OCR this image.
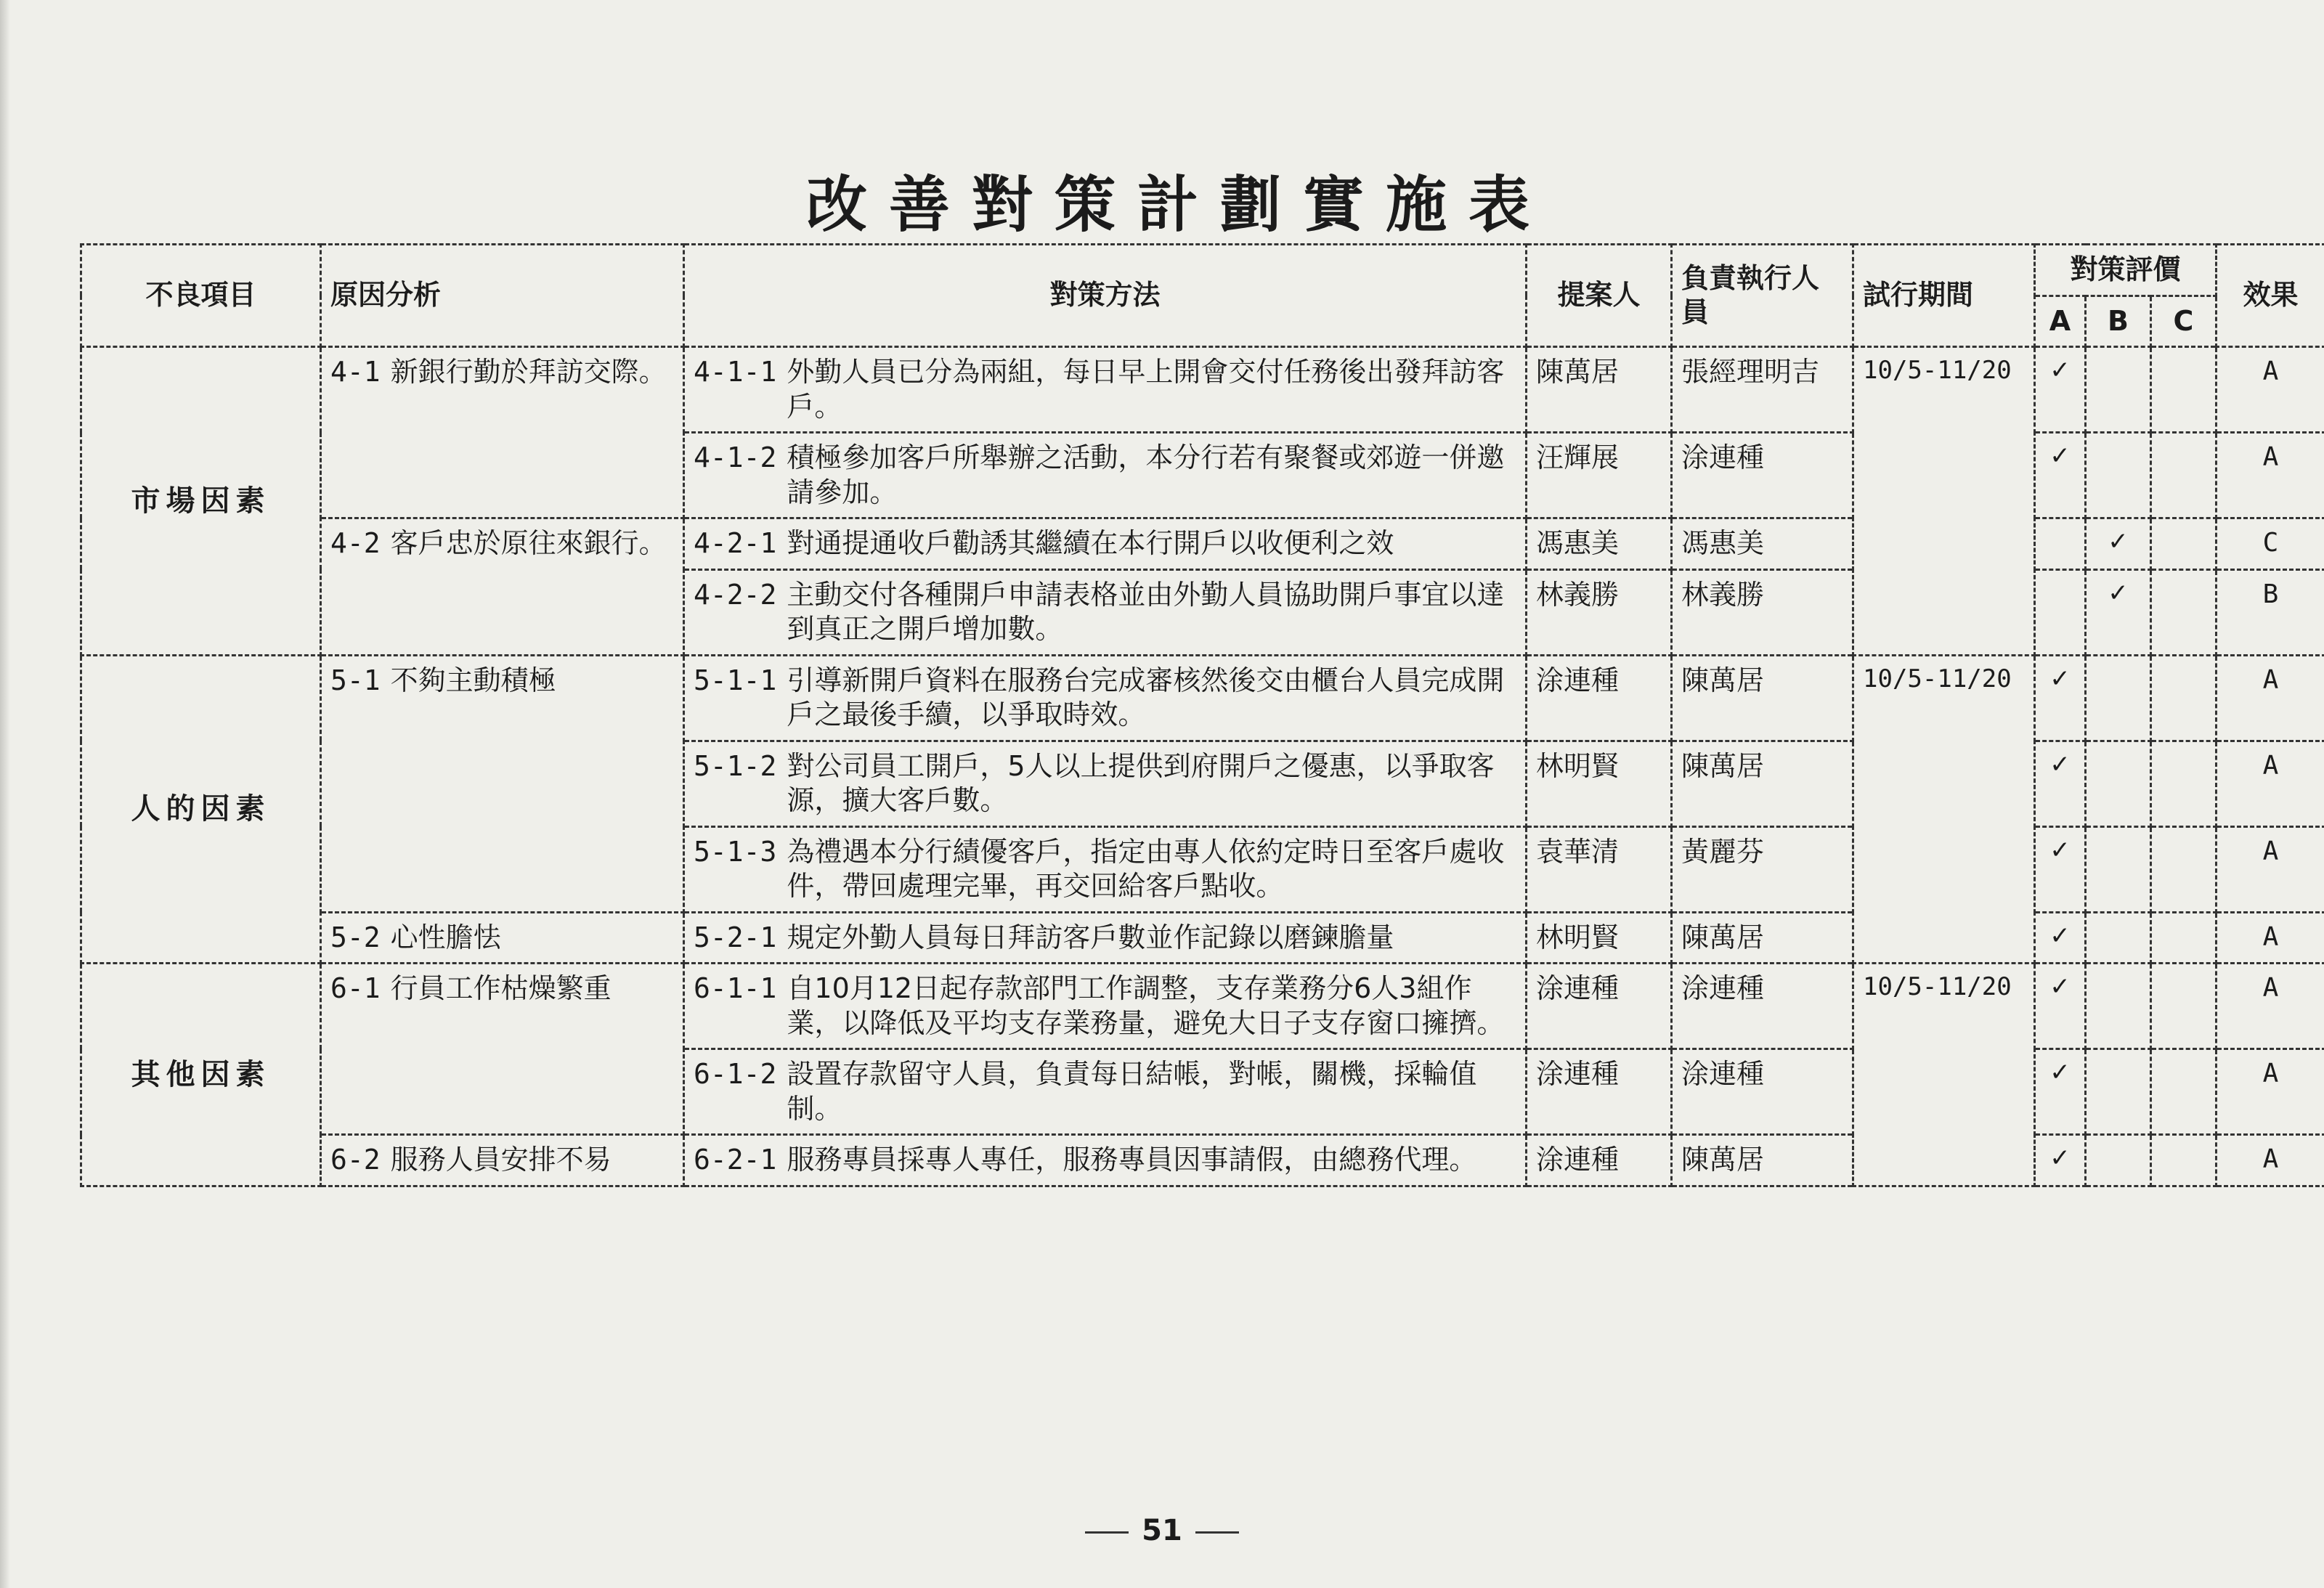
改善對策計劃實施表
不良項目	原因分析	對策方法	提案人	負責執行人員	試行期間	對策評價			效果
						A	B	C	
市場因素	4-1 新銀行勤於拜訪交際。	4-1-1 外勤人員已分為兩組，每日早上開會交付任務後出發拜訪客戶。	陳萬居	張經理明吉	10/5-11/20	✓			A

		4-1-2 積極參加客戶所舉辦之活動，本分行若有聚餐或郊遊一併邀請參加。	汪輝展	涂連種		✓			A

	4-2 客戶忠於原往來銀行。	4-2-1 對通提通收戶勸誘其繼續在本行開戶以收便利之效	馮惠美	馮惠美			✓		C

		4-2-2 主動交付各種開戶申請表格並由外勤人員協助開戶事宜以達到真正之開戶增加數。	林義勝	林義勝			✓		B
人的因素	5-1 不夠主動積極	5-1-1 引導新開戶資料在服務台完成審核然後交由櫃台人員完成開戶之最後手續，以爭取時效。	涂連種	陳萬居	10/5-11/20	✓			A

		5-1-2 對公司員工開戶，5人以上提供到府開戶之優惠，以爭取客源，擴大客戶數。	林明賢	陳萬居		✓			A

		5-1-3 為禮遇本分行績優客戶，指定由專人依約定時日至客戶處收件，帶回處理完畢，再交回給客戶點收。	袁華清	黃麗芬		✓			A

	5-2 心性膽怯	5-2-1 規定外勤人員每日拜訪客戶數並作記錄以磨鍊膽量	林明賢	陳萬居		✓			A
其他因素	6-1 行員工作枯燥繁重	6-1-1 自10月12日起存款部門工作調整，支存業務分6人3組作業，以降低及平均支存業務量，避免大日子支存窗口擁擠。	涂連種	涂連種	10/5-11/20	✓			A

		6-1-2 設置存款留守人員，負責每日結帳，對帳，關機，採輪值制。	涂連種	涂連種		✓			A

	6-2 服務人員安排不易	6-2-1 服務專員採專人專任，服務專員因事請假，由總務代理。	涂連種	陳萬居		✓			A
51
